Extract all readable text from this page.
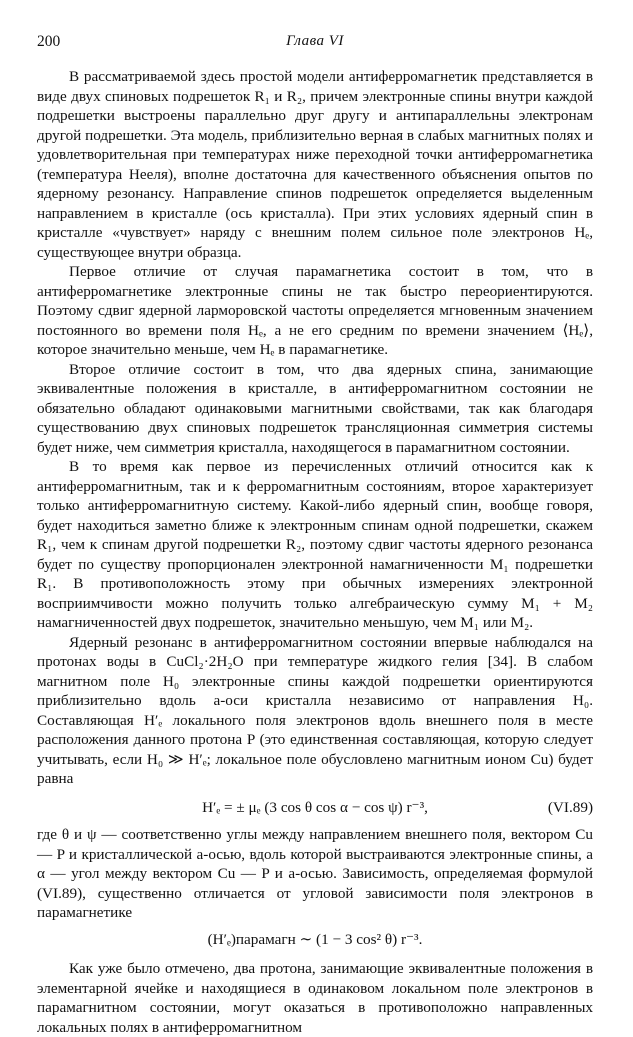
200	Глава VI

В рассматриваемой здесь простой модели антиферромагнетик представляется в виде двух спиновых подрешеток R₁ и R₂, причем электронные спины внутри каждой подрешетки выстроены параллельно друг другу и антипараллельны электронам другой подрешетки. Эта модель, приблизительно верная в слабых магнитных полях и удовлетворительная при температурах ниже переходной точки антиферромагнетика (температура Нееля), вполне достаточна для качественного объяснения опытов по ядерному резонансу. Направление спинов подрешеток определяется выделенным направлением в кристалле (ось кристалла). При этих условиях ядерный спин в кристалле «чувствует» наряду с внешним полем сильное поле электронов Hₑ, существующее внутри образца.

Первое отличие от случая парамагнетика состоит в том, что в антиферромагнетике электронные спины не так быстро переориентируются. Поэтому сдвиг ядерной ларморовской частоты определяется мгновенным значением постоянного во времени поля Hₑ, а не его средним по времени значением ⟨Hₑ⟩, которое значительно меньше, чем Hₑ в парамагнетике.

Второе отличие состоит в том, что два ядерных спина, занимающие эквивалентные положения в кристалле, в антиферромагнитном состоянии не обязательно обладают одинаковыми магнитными свойствами, так как благодаря существованию двух спиновых подрешеток трансляционная симметрия системы будет ниже, чем симметрия кристалла, находящегося в парамагнитном состоянии.

В то время как первое из перечисленных отличий относится как к антиферромагнитным, так и к ферромагнитным состояниям, второе характеризует только антиферромагнитную систему. Какой-либо ядерный спин, вообще говоря, будет находиться заметно ближе к электронным спинам одной подрешетки, скажем R₁, чем к спинам другой подрешетки R₂, поэтому сдвиг частоты ядерного резонанса будет по существу пропорционален электронной намагниченности M₁ подрешетки R₁. В противоположность этому при обычных измерениях электронной восприимчивости можно получить только алгебраическую сумму M₁ + M₂ намагниченностей двух подрешеток, значительно меньшую, чем M₁ или M₂.

Ядерный резонанс в антиферромагнитном состоянии впервые наблюдался на протонах воды в CuCl₂·2H₂O при температуре жидкого гелия [34]. В слабом магнитном поле H₀ электронные спины каждой подрешетки ориентируются приблизительно вдоль a-оси кристалла независимо от направления H₀. Составляющая H′ₑ локального поля электронов вдоль внешнего поля в месте расположения данного протона P (это единственная составляющая, которую следует учитывать, если H₀ ≫ H′ₑ; локальное поле обусловлено магнитным ионом Cu) будет равна

H′ₑ = ± μₑ (3 cos θ cos α − cos ψ) r⁻³,	(VI.89)

где θ и ψ — соответственно углы между направлением внешнего поля, вектором Cu — P и кристаллической a-осью, вдоль которой выстраиваются электронные спины, а α — угол между вектором Cu — P и a-осью. Зависимость, определяемая формулой (VI.89), существенно отличается от угловой зависимости поля электронов в парамагнетике

(H′ₑ)парамагн ∼ (1 − 3 cos² θ) r⁻³.

Как уже было отмечено, два протона, занимающие эквивалентные положения в элементарной ячейке и находящиеся в одинаковом локальном поле электронов в парамагнитном состоянии, могут оказаться в противоположно направленных локальных полях в антиферромагнитном
